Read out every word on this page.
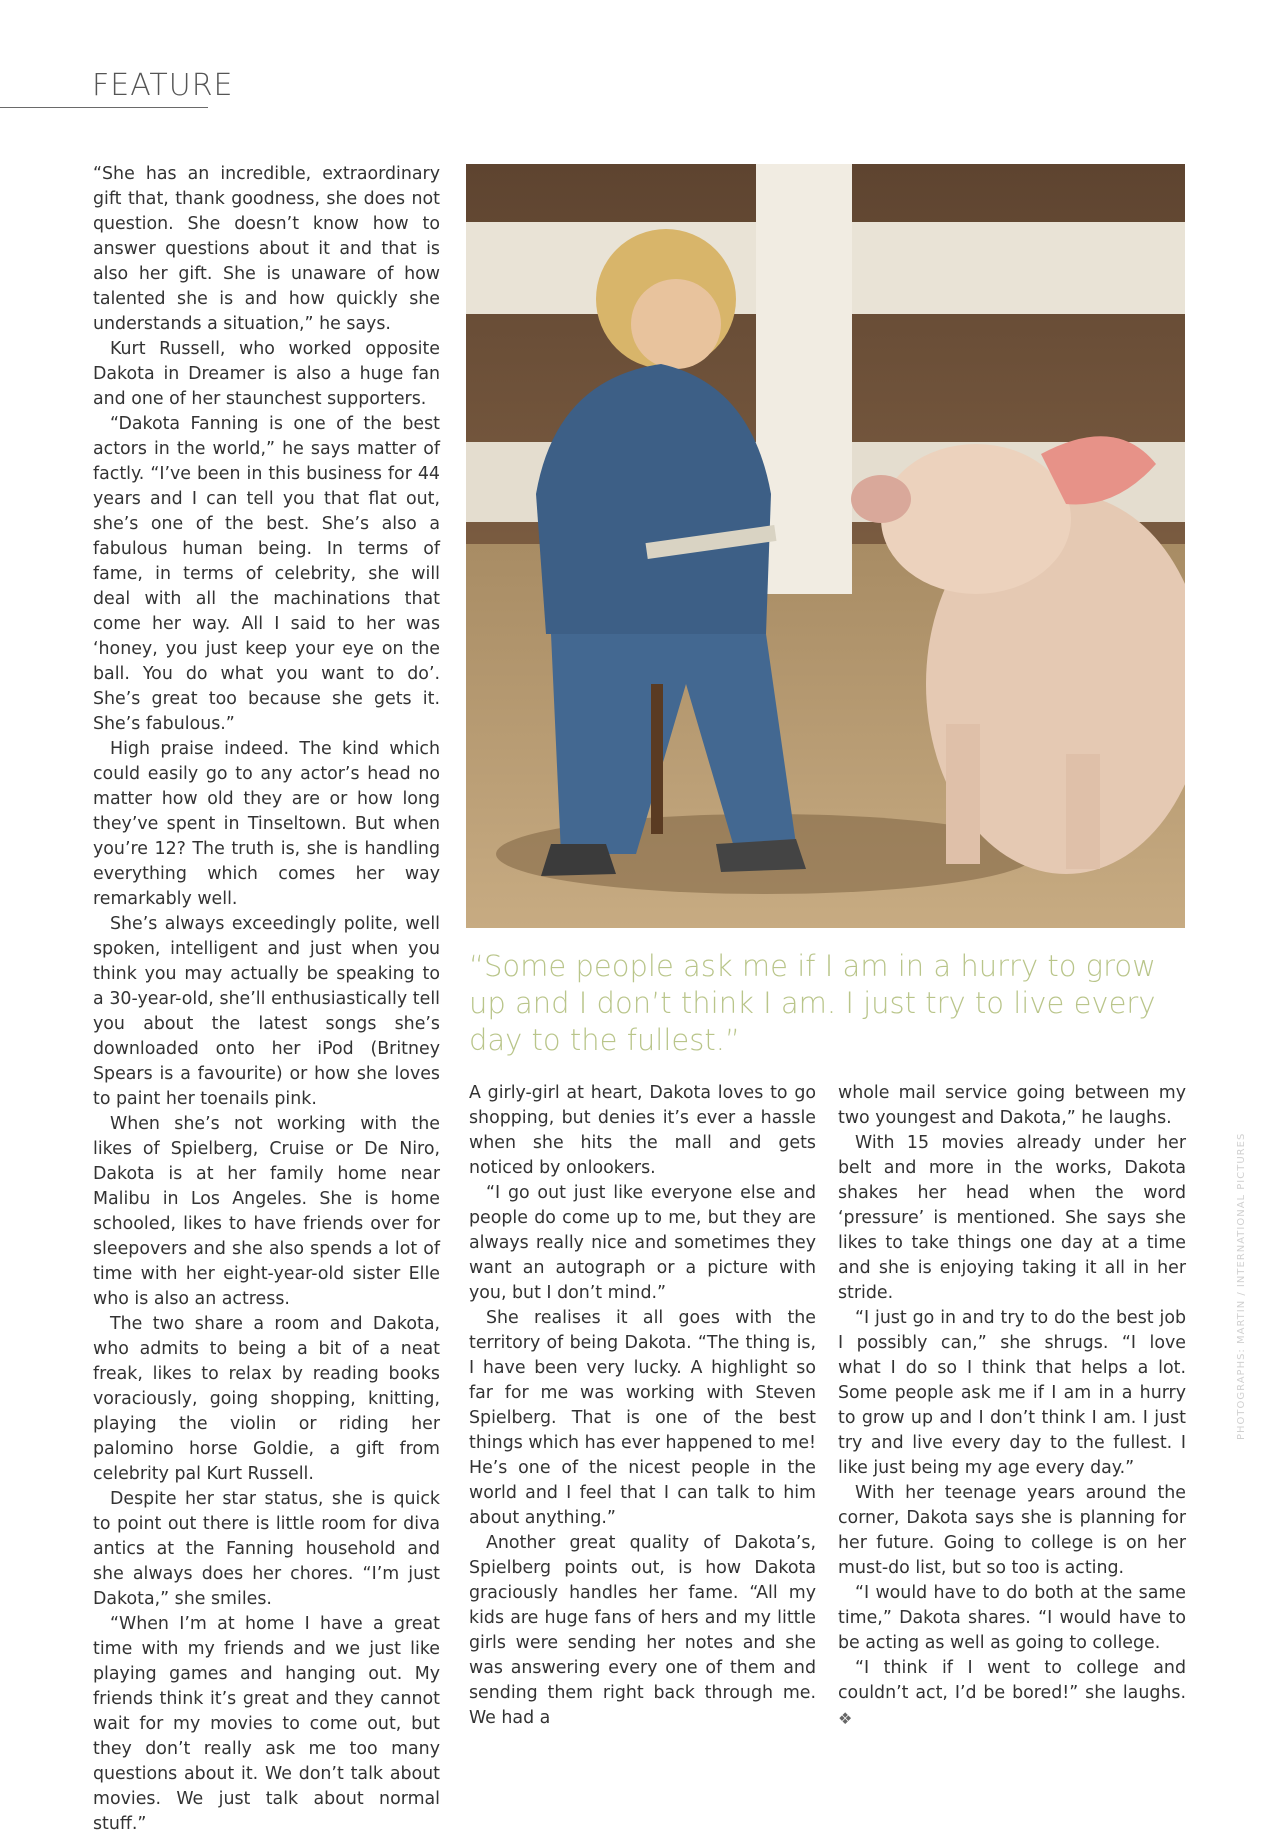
FEATURE

“She has an incredible, extraordinary gift that, thank goodness, she does not question. She doesn’t know how to answer questions about it and that is also her gift. She is unaware of how talented she is and how quickly she understands a situation,” he says.

Kurt Russell, who worked opposite Dakota in Dreamer is also a huge fan and one of her staunchest supporters.

“Dakota Fanning is one of the best actors in the world,” he says matter of factly. “I’ve been in this business for 44 years and I can tell you that flat out, she’s one of the best. She’s also a fabulous human being. In terms of fame, in terms of celebrity, she will deal with all the machinations that come her way. All I said to her was ‘honey, you just keep your eye on the ball. You do what you want to do’. She’s great too because she gets it. She’s fabulous.”

High praise indeed. The kind which could easily go to any actor’s head no matter how old they are or how long they’ve spent in Tinseltown. But when you’re 12? The truth is, she is handling everything which comes her way remarkably well.

She’s always exceedingly polite, well spoken, intelligent and just when you think you may actually be speaking to a 30-year-old, she’ll enthusiastically tell you about the latest songs she’s downloaded onto her iPod (Britney Spears is a favourite) or how she loves to paint her toenails pink.

When she’s not working with the likes of Spielberg, Cruise or De Niro, Dakota is at her family home near Malibu in Los Angeles. She is home schooled, likes to have friends over for sleepovers and she also spends a lot of time with her eight-year-old sister Elle who is also an actress.

The two share a room and Dakota, who admits to being a bit of a neat freak, likes to relax by reading books voraciously, going shopping, knitting, playing the violin or riding her palomino horse Goldie, a gift from celebrity pal Kurt Russell.

Despite her star status, she is quick to point out there is little room for diva antics at the Fanning household and she always does her chores. “I’m just Dakota,” she smiles.

“When I’m at home I have a great time with my friends and we just like playing games and hanging out. My friends think it’s great and they cannot wait for my movies to come out, but they don’t really ask me too many questions about it. We don’t talk about movies. We just talk about normal stuff.”

“Some people ask me if I am in a hurry to grow up and I don’t think I am. I just try to live every day to the fullest.”

A girly-girl at heart, Dakota loves to go shopping, but denies it’s ever a hassle when she hits the mall and gets noticed by onlookers.

“I go out just like everyone else and people do come up to me, but they are always really nice and sometimes they want an autograph or a picture with you, but I don’t mind.”

She realises it all goes with the territory of being Dakota. “The thing is, I have been very lucky. A highlight so far for me was working with Steven Spielberg. That is one of the best things which has ever happened to me! He’s one of the nicest people in the world and I feel that I can talk to him about anything.”

Another great quality of Dakota’s, Spielberg points out, is how Dakota graciously handles her fame. “All my kids are huge fans of hers and my little girls were sending her notes and she was answering every one of them and sending them right back through me. We had a

whole mail service going between my two youngest and Dakota,” he laughs.

With 15 movies already under her belt and more in the works, Dakota shakes her head when the word ‘pressure’ is mentioned. She says she likes to take things one day at a time and she is enjoying taking it all in her stride.

“I just go in and try to do the best job I possibly can,” she shrugs. “I love what I do so I think that helps a lot. Some people ask me if I am in a hurry to grow up and I don’t think I am. I just try and live every day to the fullest. I like just being my age every day.”

With her teenage years around the corner, Dakota says she is planning for her future. Going to college is on her must-do list, but so too is acting.

“I would have to do both at the same time,” Dakota shares. “I would have to be acting as well as going to college.

“I think if I went to college and couldn’t act, I’d be bored!” she laughs. ❖

PHOTOGRAPHS: MARTIN / INTERNATIONAL PICTURES
